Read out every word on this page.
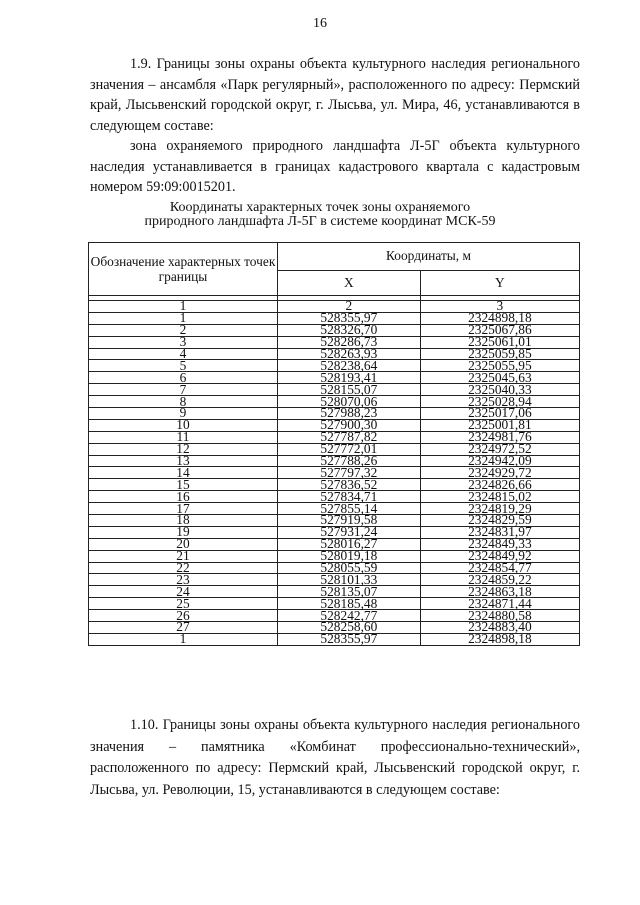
16

1.9. Границы зоны охраны объекта культурного наследия регионального значения – ансамбля «Парк регулярный», расположенного по адресу: Пермский край, Лысьвенский городской округ, г. Лысьва, ул. Мира, 46, устанавливаются в следующем составе:

зона охраняемого природного ландшафта Л-5Г объекта культурного наследия устанавливается в границах кадастрового квартала с кадастровым номером 59:09:0015201.

Координаты характерных точек зоны охраняемого
природного ландшафта Л-5Г в системе координат МСК-59
Обозначение характерных точек границы	Координаты, м	
	X	Y

1	2	3
1	528355,97	2324898,18
2	528326,70	2325067,86
3	528286,73	2325061,01
4	528263,93	2325059,85
5	528238,64	2325055,95
6	528193,41	2325045,63
7	528155,07	2325040,33
8	528070,06	2325028,94
9	527988,23	2325017,06
10	527900,30	2325001,81
11	527787,82	2324981,76
12	527772,01	2324972,52
13	527788,26	2324942,09
14	527797,32	2324929,72
15	527836,52	2324826,66
16	527834,71	2324815,02
17	527855,14	2324819,29
18	527919,58	2324829,59
19	527931,24	2324831,97
20	528016,27	2324849,33
21	528019,18	2324849,92
22	528055,59	2324854,77
23	528101,33	2324859,22
24	528135,07	2324863,18
25	528185,48	2324871,44
26	528242,77	2324880,58
27	528258,60	2324883,40
1	528355,97	2324898,18

1.10. Границы зоны охраны объекта культурного наследия регионального значения – памятника «Комбинат профессионально-технический», расположенного по адресу: Пермский край, Лысьвенский городской округ, г. Лысьва, ул. Революции, 15, устанавливаются в следующем составе:
